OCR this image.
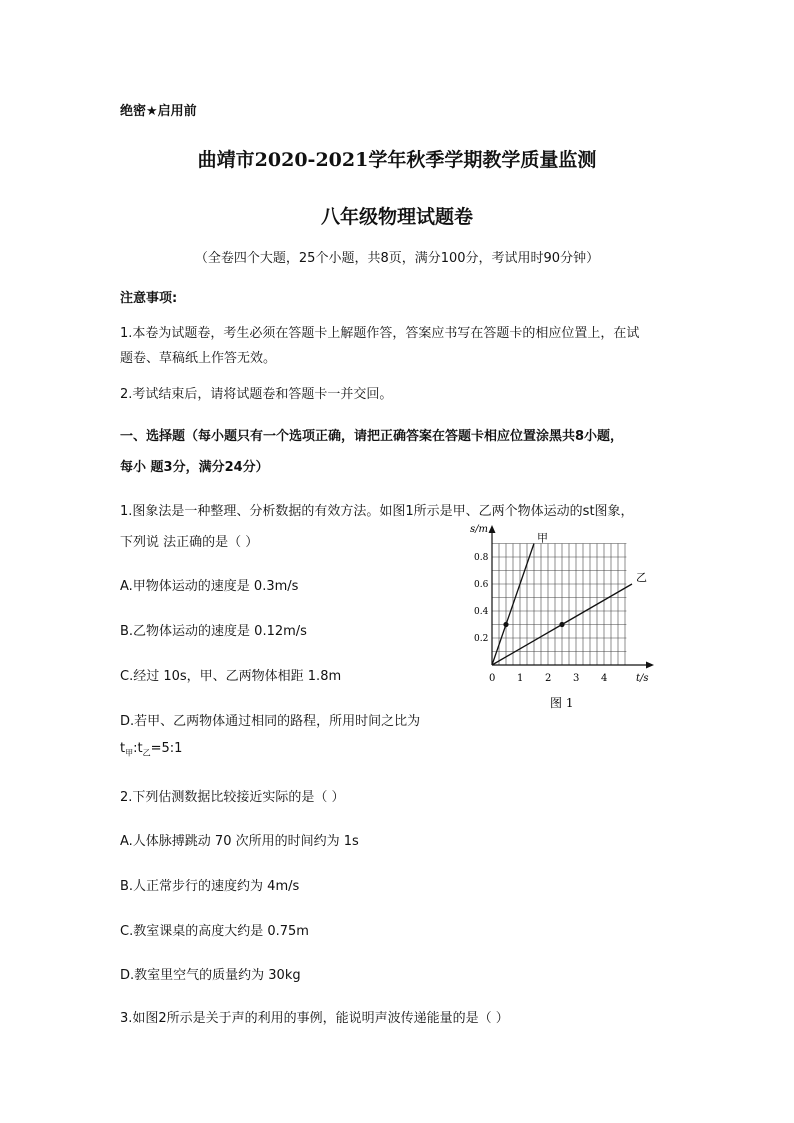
绝密★启用前
曲靖市2020-2021学年秋季学期教学质量监测
八年级物理试题卷
（全卷四个大题，25个小题，共8页，满分100分，考试用时90分钟）
注意事项:
1.本卷为试题卷，考生必须在答题卡上解题作答，答案应书写在答题卡的相应位置上，在试
题卷、草稿纸上作答无效。
2.考试结束后，请将试题卷和答题卡一并交回。
一、选择题（每小题只有一个选项正确，请把正确答案在答题卡相应位置涂黑共8小题，
每小 题3分，满分24分）
1.图象法是一种整理、分析数据的有效方法。如图1所示是甲、乙两个物体运动的st图象，
下列说 法正确的是（ ）
A.甲物体运动的速度是 0.3m/s
B.乙物体运动的速度是 0.12m/s
C.经过 10s，甲、乙两物体相距 1.8m
D.若甲、乙两物体通过相同的路程，所用时间之比为
$t_甲:t_乙=5:1$
甲
乙
0 1 2 3 4
0.2
0.4
0.6
0.8
s/m
t/s
图 1
2.下列估测数据比较接近实际的是（ ）
A.人体脉搏跳动 70 次所用的时间约为 1s
B.人正常步行的速度约为 4m/s
C.教室课桌的高度大约是 0.75m
D.教室里空气的质量约为 30kg
3.如图2所示是关于声的利用的事例，能说明声波传递能量的是（ ）
